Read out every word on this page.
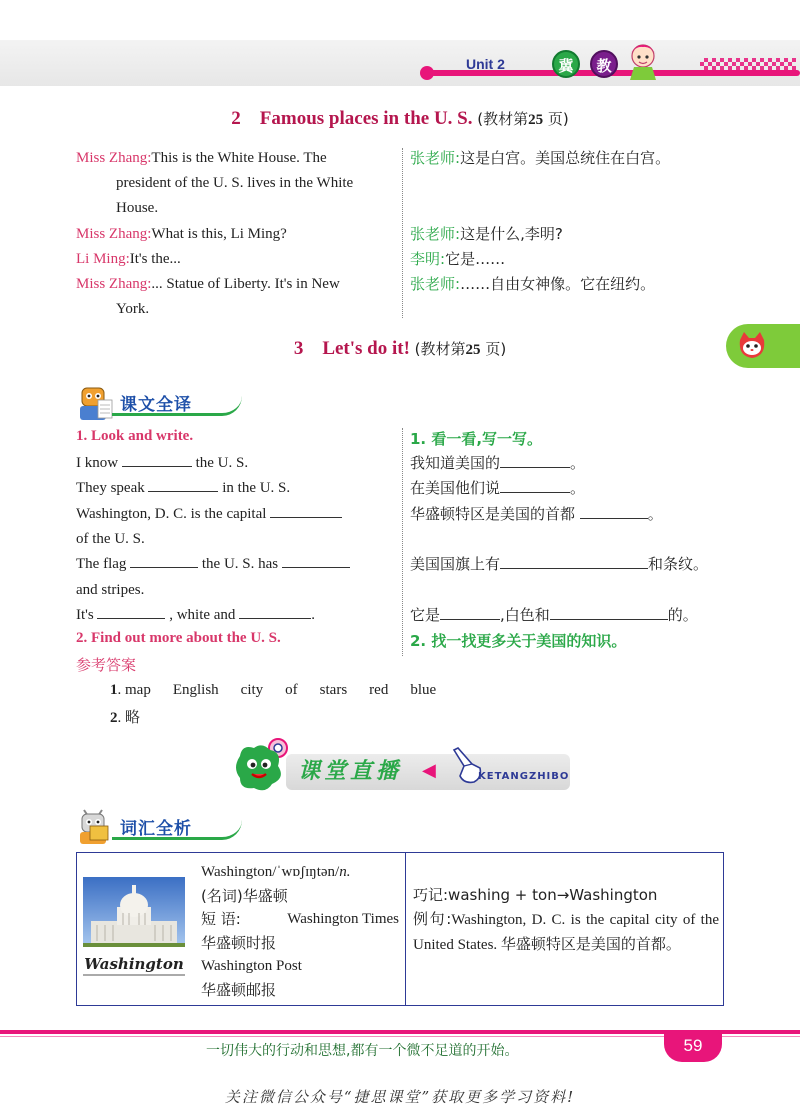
Unit 2	冀	教
2 Famous places in the U. S. (教材第25 页)
Miss Zhang:This is the White House. The
president of the U. S. lives in the White
House.
张老师:这是白宫。美国总统住在白宫。
Miss Zhang:What is this, Li Ming?	张老师:这是什么,李明?
Li Ming:It's the...	李明:它是……
Miss Zhang:... Statue of Liberty. It's in New
York.
张老师:……自由女神像。它在纽约。
3 Let's do it! (教材第25 页)
课文全译
1. Look and write.	1. 看一看,写一写。
I know	the U. S.	我知道美国的	。
They speak	in the U. S.	在美国他们说	。
Washington, D. C. is the capital
of the U. S.
华盛顿特区是美国的首都	。
The flag	the U. S. has
and stripes.
美国国旗上有	和条纹。
It's	, white and	.	它是	,白色和	的。
2. Find out more about the U. S.	2. 找一找更多关于美国的知识。
参考答案
1. map English city of stars red blue
2. 略
课堂直播 ◀	KETANGZHIBO
词汇全析
Washington
Washington/ˈwɒʃɪŋtən/n.
(名词)华盛顿
短 语:	Washington Times
华盛顿时报
Washington Post
华盛顿邮报
巧记:washing + ton→Washington
例句:Washington, D. C. is the capital city of the United States. 华盛顿特区是美国的首都。
一切伟大的行动和思想,都有一个微不足道的开始。	59
关注微信公众号“捷思课堂”获取更多学习资料!
